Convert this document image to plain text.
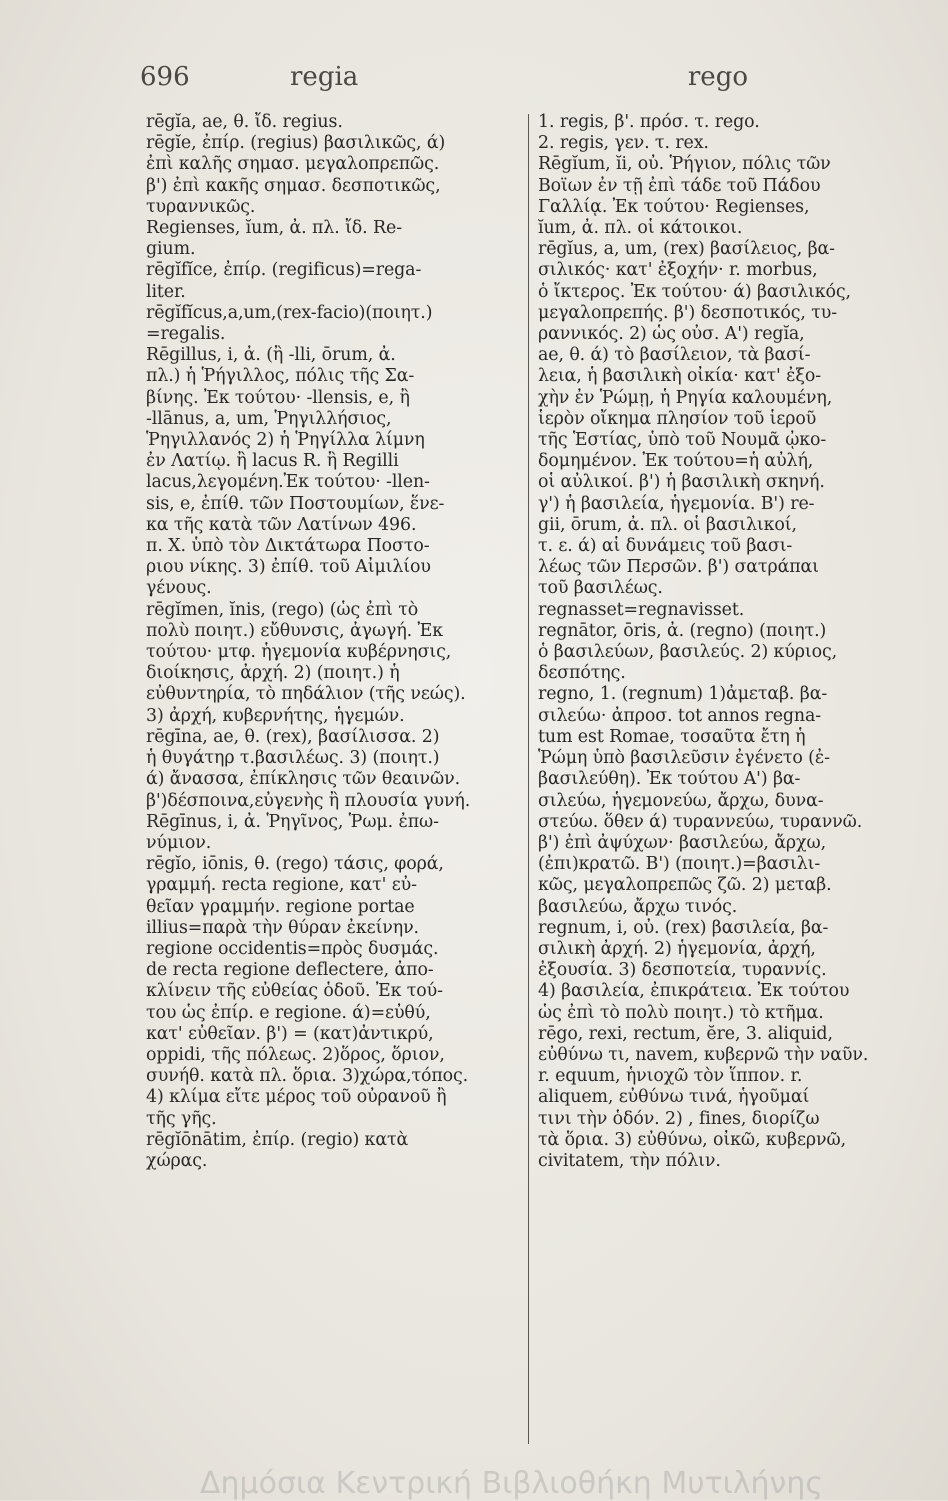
696	regia	rego
rēgĭa, ae, θ. ἴδ. regius.
rēgĭe, ἐπίρ. (regius) βασιλικῶς, ά)
ἐπὶ καλῆς σημασ. μεγαλοπρεπῶς.
β') ἐπὶ κακῆς σημασ. δεσποτικῶς,
τυραννικῶς.
Regienses, ĭum, ἀ. πλ. ἴδ. Re-
gium.
rēgĭfĭce, ἐπίρ. (regificus)=rega-
liter.
rēgĭfĭcus,a,um,(rex-facio)(ποιητ.)
=regalis.
Rēgillus, i, ἀ. (ἢ -lli, ōrum, ἀ.
πλ.) ἡ Ῥήγιλλος, πόλις τῆς Σα-
βίνης. Ἐκ τούτου· -llensis, e, ἢ
-llānus, a, um, Ῥηγιλλήσιος,
Ῥηγιλλανός 2) ἡ Ῥηγίλλα λίμνη
ἐν Λατίῳ. ἢ lacus R. ἢ Regilli
lacus,λεγομένη.Ἐκ τούτου· -llen-
sis, e, ἐπίθ. τῶν Ποστουμίων, ἕνε-
κα τῆς κατὰ τῶν Λατίνων 496.
π. Χ. ὑπὸ τὸν Δικτάτωρα Ποστο-
ριου νίκης. 3) ἐπίθ. τοῦ Αἰμιλίου
γένους.
rēgĭmen, ĭnis, (rego) (ὡς ἐπὶ τὸ
πολὺ ποιητ.) εὔθυνσις, ἀγωγή. Ἐκ
τούτου· μτφ. ἡγεμονία κυβέρνησις,
διοίκησις, ἀρχή. 2) (ποιητ.) ἡ
εὐθυντηρία, τὸ πηδάλιον (τῆς νεώς).
3) ἀρχή, κυβερνήτης, ἡγεμών.
rēgīna, ae, θ. (rex), βασίλισσα. 2)
ἡ θυγάτηρ τ.βασιλέως. 3) (ποιητ.)
ά) ἄνασσα, ἐπίκλησις τῶν θεαινῶν.
β')δέσποινα,εὐγενὴς ἢ πλουσία γυνή.
Rēgīnus, i, ἀ. Ῥηγῖνος, Ῥωμ. ἐπω-
νύμιον.
rēgĭo, iōnis, θ. (rego) τάσις, φορά,
γραμμή. recta regione, κατ' εὐ-
θεῖαν γραμμήν. regione portae
illius=παρὰ τὴν θύραν ἐκείνην.
regione occidentis=πρὸς δυσμάς.
de recta regione deflectere, ἀπο-
κλίνειν τῆς εὐθείας ὁδοῦ. Ἐκ τού-
του ὡς ἐπίρ. e regione. ά)=εὐθύ,
κατ' εὐθεῖαν. β') = (κατ)ἀντικρύ,
oppidi, τῆς πόλεως. 2)ὅρος, ὅριον,
συνήθ. κατὰ πλ. ὅρια. 3)χώρα,τόπος.
4) κλίμα εἴτε μέρος τοῦ οὐρανοῦ ἢ
τῆς γῆς.
rēgĭōnātim, ἐπίρ. (regio) κατὰ
χώρας.
1. regis, β'. πρόσ. τ. rego.
2. regis, γεν. τ. rex.
Rēgĭum, ĭi, οὐ. Ῥήγιον, πόλις τῶν
Βοΐων ἐν τῇ ἐπὶ τάδε τοῦ Πάδου
Γαλλίᾳ. Ἐκ τούτου· Regienses,
ĭum, ἀ. πλ. οἱ κάτοικοι.
rēgĭus, a, um, (rex) βασίλειος, βα-
σιλικός· κατ' ἐξοχήν· r. morbus,
ὁ ἴκτερος. Ἐκ τούτου· ά) βασιλικός,
μεγαλοπρεπής. β') δεσποτικός, τυ-
ραννικός. 2) ὡς οὐσ. Α') regĭa,
ae, θ. ά) τὸ βασίλειον, τὰ βασί-
λεια, ἡ βασιλικὴ οἰκία· κατ' ἐξο-
χὴν ἐν Ῥώμῃ, ἡ Ρηγία καλουμένη,
ἱερὸν οἴκημα πλησίον τοῦ ἱεροῦ
τῆς Ἑστίας, ὑπὸ τοῦ Νουμᾶ ᾠκο-
δομημένον. Ἐκ τούτου=ἡ αὐλή,
οἱ αὐλικοί. β') ἡ βασιλικὴ σκηνή.
γ') ἡ βασιλεία, ἡγεμονία. Β') re-
gii, ōrum, ἀ. πλ. οἱ βασιλικοί,
τ. ε. ά) αἱ δυνάμεις τοῦ βασι-
λέως τῶν Περσῶν. β') σατράπαι
τοῦ βασιλέως.
regnasset=regnavisset.
regnātor, ōris, ἀ. (regno) (ποιητ.)
ὁ βασιλεύων, βασιλεύς. 2) κύριος,
δεσπότης.
regno, 1. (regnum) 1)ἀμεταβ. βα-
σιλεύω· ἀπροσ. tot annos regna-
tum est Romae, τοσαῦτα ἔτη ἡ
Ῥώμη ὑπὸ βασιλεῦσιν ἐγένετο (ἐ-
βασιλεύθη). Ἐκ τούτου Α') βα-
σιλεύω, ἡγεμονεύω, ἄρχω, δυνα-
στεύω. ὅθεν ά) τυραννεύω, τυραννῶ.
β') ἐπὶ ἀψύχων· βασιλεύω, ἄρχω,
(ἐπι)κρατῶ. Β') (ποιητ.)=βασιλι-
κῶς, μεγαλοπρεπῶς ζῶ. 2) μεταβ.
βασιλεύω, ἄρχω τινός.
regnum, i, οὐ. (rex) βασιλεία, βα-
σιλικὴ ἀρχή. 2) ἡγεμονία, ἀρχή,
ἐξουσία. 3) δεσποτεία, τυραννίς.
4) βασιλεία, ἐπικράτεια. Ἐκ τούτου
ὡς ἐπὶ τὸ πολὺ ποιητ.) τὸ κτῆμα.
rēgo, rexi, rectum, ĕre, 3. aliquid,
εὐθύνω τι, navem, κυβερνῶ τὴν ναῦν.
r. equum, ἡνιοχῶ τὸν ἵππον. r.
aliquem, εὐθύνω τινά, ἡγοῦμαί
τινι τὴν ὁδόν. 2) , fines, διορίζω
τὰ ὅρια. 3) εὐθύνω, οἰκῶ, κυβερνῶ,
civitatem, τὴν πόλιν.
Δημόσια Κεντρική Βιβλιοθήκη Μυτιλήνης
